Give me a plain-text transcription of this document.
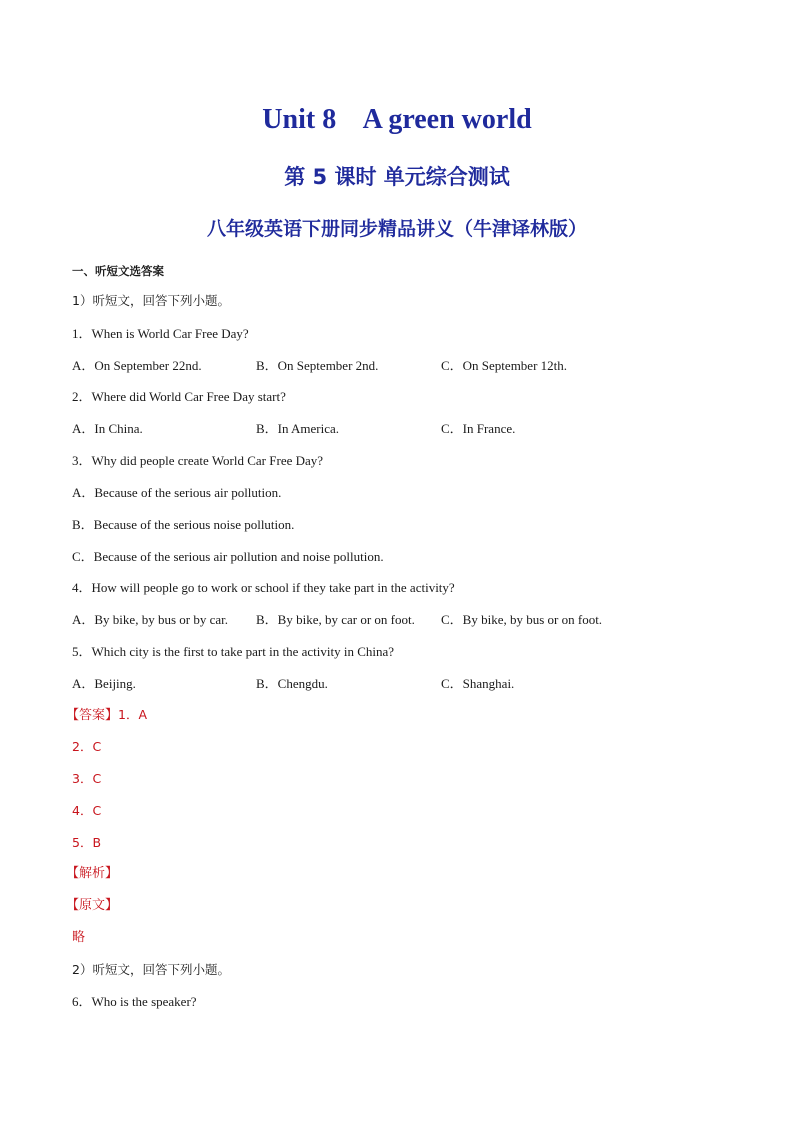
Unit 8    A green world
第 5 课时 单元综合测试
八年级英语下册同步精品讲义（牛津译林版）

一、听短文选答案

1）听短文，回答下列小题。

1．When is World Car Free Day?

A．On September 22nd.	B．On September 2nd.	C．On September 12th.

2．Where did World Car Free Day start?

A．In China.	B．In America.	C．In France.

3．Why did people create World Car Free Day?

A．Because of the serious air pollution.

B．Because of the serious noise pollution.

C．Because of the serious air pollution and noise pollution.

4．How will people go to work or school if they take part in the activity?

A．By bike, by bus or by car. B．By bike, by car or on foot. C．By bike, by bus or on foot.

5．Which city is the first to take part in the activity in China?

A．Beijing.	B．Chengdu.	C．Shanghai.

【答案】1．A

2．C

3．C

4．C

5．B

【解析】

【原文】

略

2）听短文，回答下列小题。

6．Who is the speaker?
